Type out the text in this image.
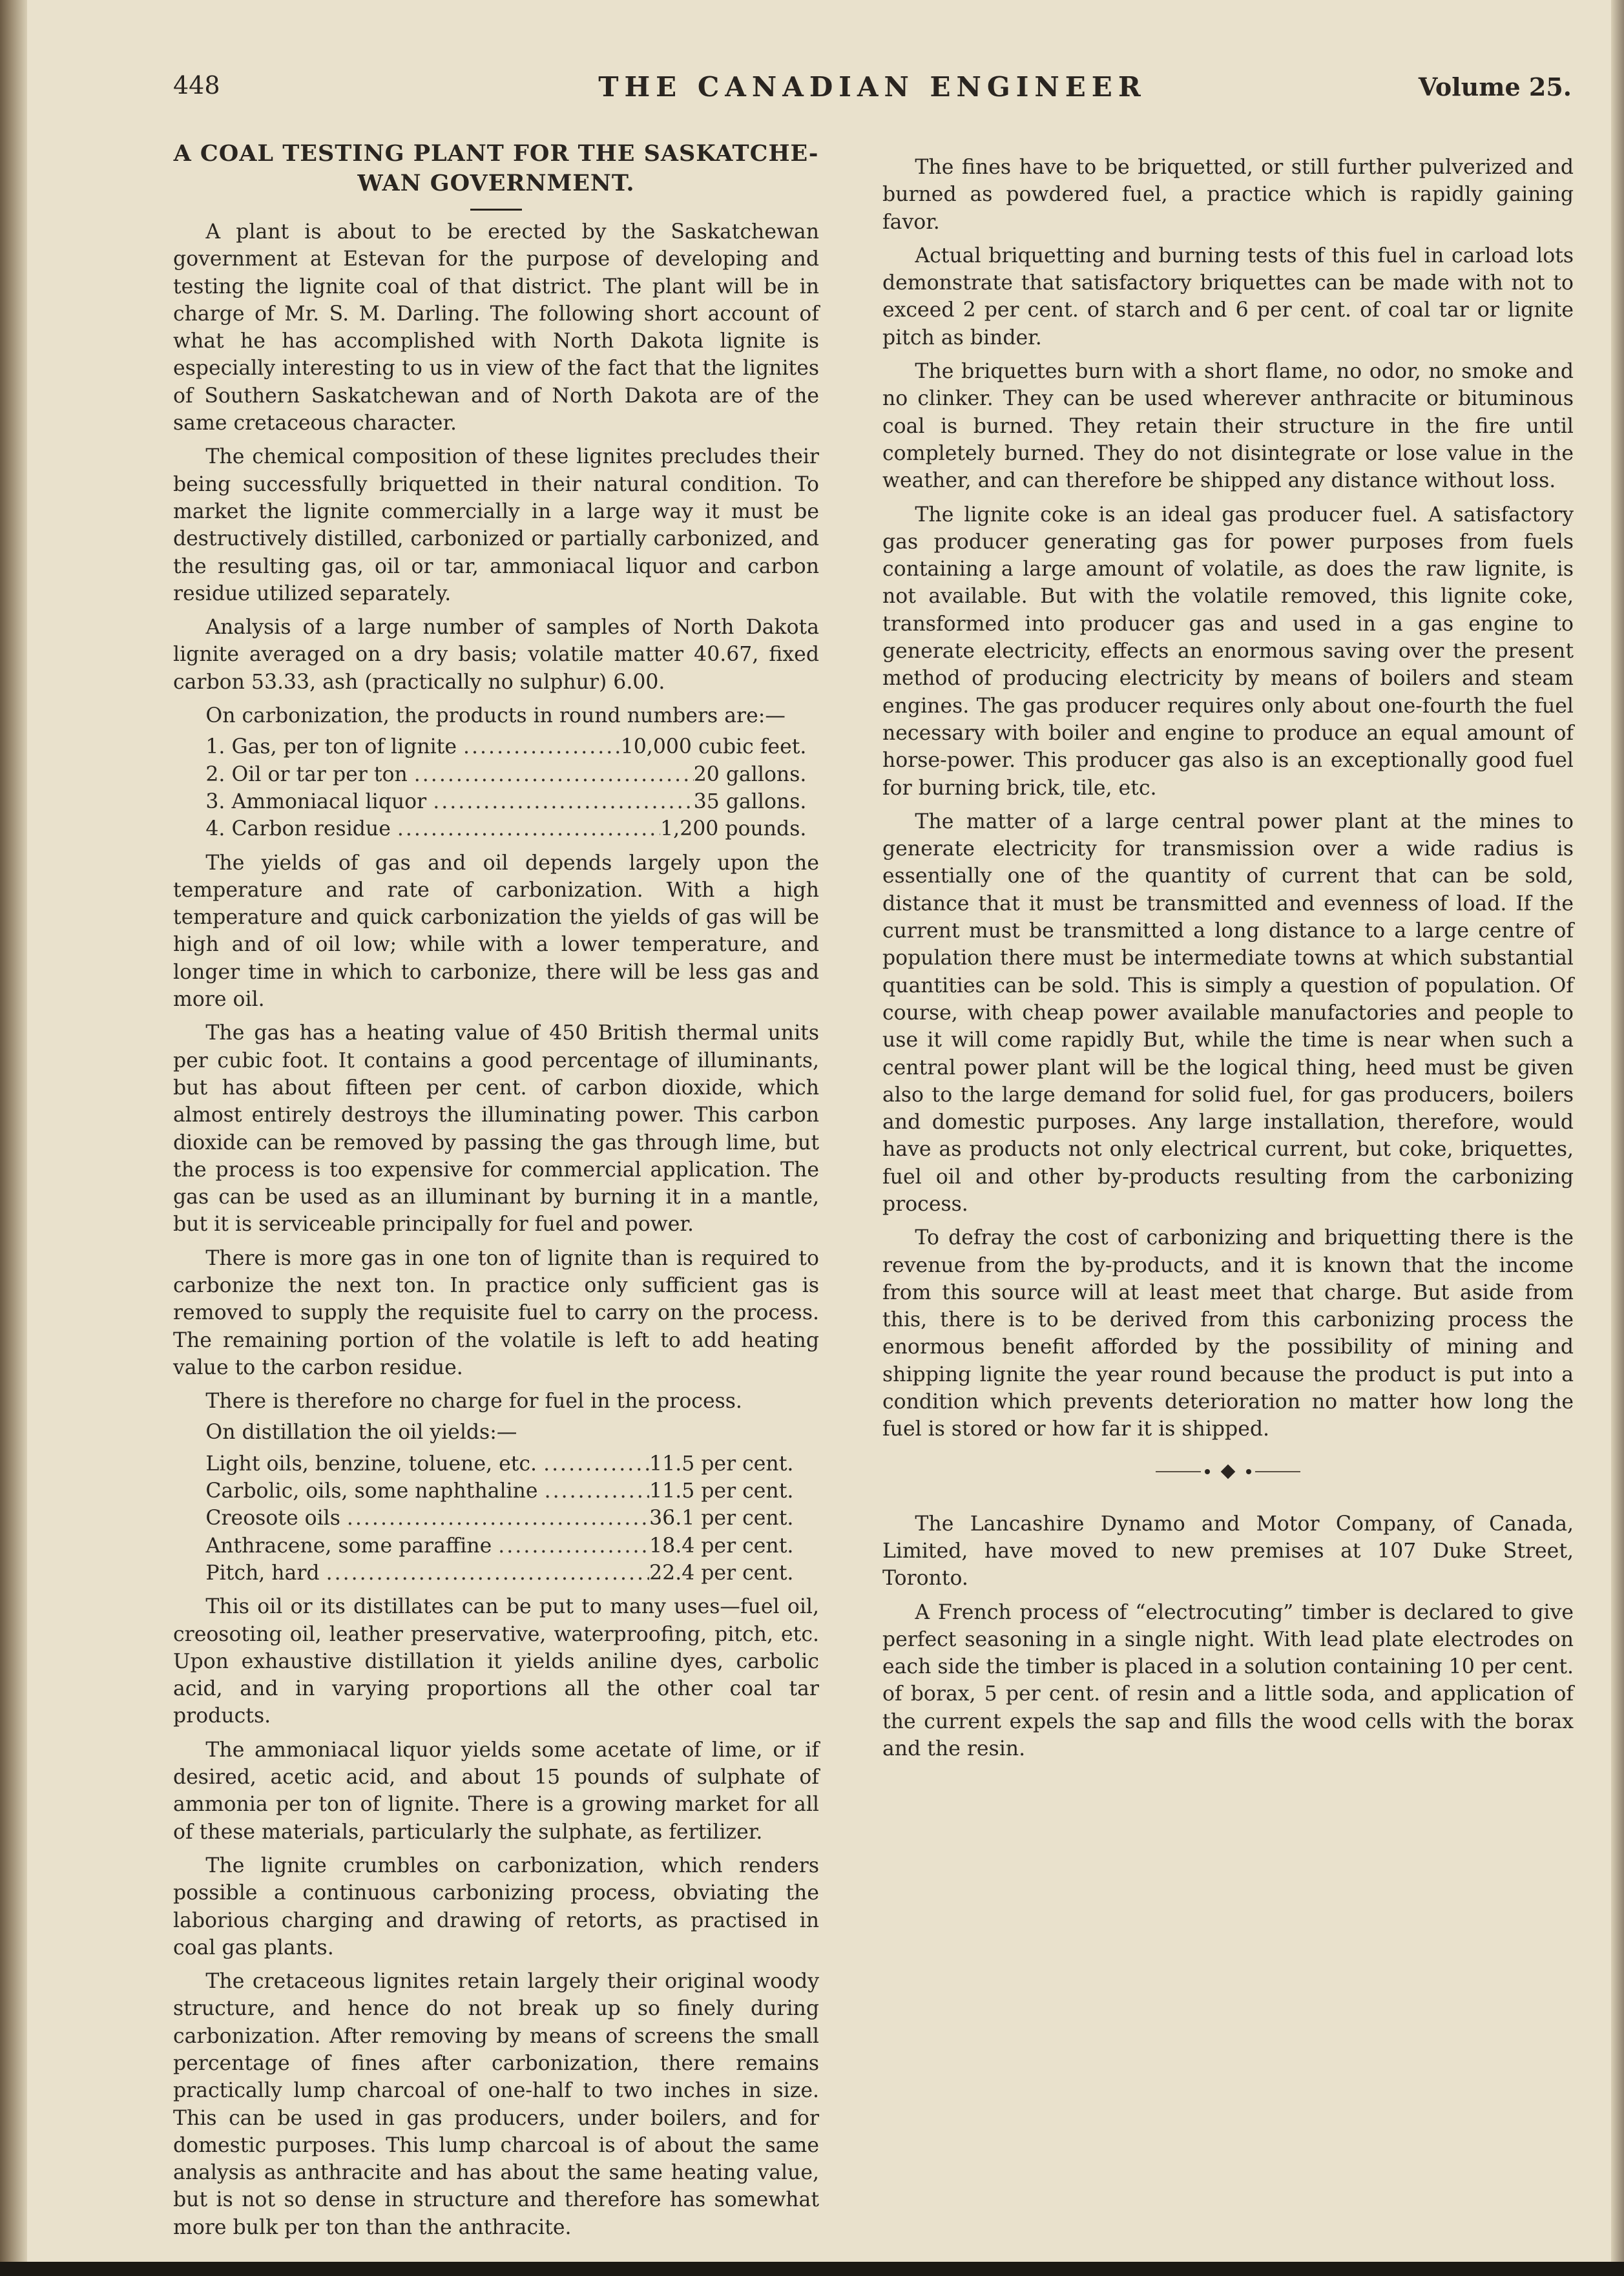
448	THE CANADIAN ENGINEER	Volume 25.
A COAL TESTING PLANT FOR THE SASKATCHE-WAN GOVERNMENT.

A plant is about to be erected by the Saskatchewan government at Estevan for the purpose of developing and testing the lignite coal of that district. The plant will be in charge of Mr. S. M. Darling. The following short account of what he has accomplished with North Dakota lignite is especially interesting to us in view of the fact that the lignites of Southern Saskatchewan and of North Dakota are of the same cretaceous character.

The chemical composition of these lignites precludes their being successfully briquetted in their natural condition. To market the lignite commercially in a large way it must be destructively distilled, carbonized or partially carbonized, and the resulting gas, oil or tar, ammoniacal liquor and carbon residue utilized separately.

Analysis of a large number of samples of North Dakota lignite averaged on a dry basis; volatile matter 40.67, fixed carbon 53.33, ash (practically no sulphur) 6.00.

On carbonization, the products in round numbers are:—

1. Gas, per ton of lignite .....	10,000 cubic feet.
2. Oil or tar per ton .....	20 gallons.
3. Ammoniacal liquor .....	35 gallons.
4. Carbon residue .....	1,200 pounds.

The yields of gas and oil depends largely upon the temperature and rate of carbonization. With a high temperature and quick carbonization the yields of gas will be high and of oil low; while with a lower temperature, and longer time in which to carbonize, there will be less gas and more oil.

The gas has a heating value of 450 British thermal units per cubic foot. It contains a good percentage of illuminants, but has about fifteen per cent. of carbon dioxide, which almost entirely destroys the illuminating power. This carbon dioxide can be removed by passing the gas through lime, but the process is too expensive for commercial application. The gas can be used as an illuminant by burning it in a mantle, but it is serviceable principally for fuel and power.

There is more gas in one ton of lignite than is required to carbonize the next ton. In practice only sufficient gas is removed to supply the requisite fuel to carry on the process. The remaining portion of the volatile is left to add heating value to the carbon residue.

There is therefore no charge for fuel in the process.

On distillation the oil yields:—

Light oils, benzine, toluene, etc. .....	11.5 per cent.
Carbolic, oils, some naphthaline .....	11.5 per cent.
Creosote oils .....	36.1 per cent.
Anthracene, some paraffine .....	18.4 per cent.
Pitch, hard .....	22.4 per cent.

This oil or its distillates can be put to many uses—fuel oil, creosoting oil, leather preservative, waterproofing, pitch, etc. Upon exhaustive distillation it yields aniline dyes, carbolic acid, and in varying proportions all the other coal tar products.

The ammoniacal liquor yields some acetate of lime, or if desired, acetic acid, and about 15 pounds of sulphate of ammonia per ton of lignite. There is a growing market for all of these materials, particularly the sulphate, as fertilizer.

The lignite crumbles on carbonization, which renders possible a continuous carbonizing process, obviating the laborious charging and drawing of retorts, as practised in coal gas plants.

The cretaceous lignites retain largely their original woody structure, and hence do not break up so finely during carbonization. After removing by means of screens the small percentage of fines after carbonization, there remains practically lump charcoal of one-half to two inches in size. This can be used in gas producers, under boilers, and for domestic purposes. This lump charcoal is of about the same analysis as anthracite and has about the same heating value, but is not so dense in structure and therefore has somewhat more bulk per ton than the anthracite.

The fines have to be briquetted, or still further pulverized and burned as powdered fuel, a practice which is rapidly gaining favor.

Actual briquetting and burning tests of this fuel in carload lots demonstrate that satisfactory briquettes can be made with not to exceed 2 per cent. of starch and 6 per cent. of coal tar or lignite pitch as binder.

The briquettes burn with a short flame, no odor, no smoke and no clinker. They can be used wherever anthracite or bituminous coal is burned. They retain their structure in the fire until completely burned. They do not disintegrate or lose value in the weather, and can therefore be shipped any distance without loss.

The lignite coke is an ideal gas producer fuel. A satisfactory gas producer generating gas for power purposes from fuels containing a large amount of volatile, as does the raw lignite, is not available. But with the volatile removed, this lignite coke, transformed into producer gas and used in a gas engine to generate electricity, effects an enormous saving over the present method of producing electricity by means of boilers and steam engines. The gas producer requires only about one-fourth the fuel necessary with boiler and engine to produce an equal amount of horse-power. This producer gas also is an exceptionally good fuel for burning brick, tile, etc.

The matter of a large central power plant at the mines to generate electricity for transmission over a wide radius is essentially one of the quantity of current that can be sold, distance that it must be transmitted and evenness of load. If the current must be transmitted a long distance to a large centre of population there must be intermediate towns at which substantial quantities can be sold. This is simply a question of population. Of course, with cheap power available manufactories and people to use it will come rapidly But, while the time is near when such a central power plant will be the logical thing, heed must be given also to the large demand for solid fuel, for gas producers, boilers and domestic purposes. Any large installation, therefore, would have as products not only electrical current, but coke, briquettes, fuel oil and other by-products resulting from the carbonizing process.

To defray the cost of carbonizing and briquetting there is the revenue from the by-products, and it is known that the income from this source will at least meet that charge. But aside from this, there is to be derived from this carbonizing process the enormous benefit afforded by the possibility of mining and shipping lignite the year round because the product is put into a condition which prevents deterioration no matter how long the fuel is stored or how far it is shipped.

The Lancashire Dynamo and Motor Company, of Canada, Limited, have moved to new premises at 107 Duke Street, Toronto.

A French process of “electrocuting” timber is declared to give perfect seasoning in a single night. With lead plate electrodes on each side the timber is placed in a solution containing 10 per cent. of borax, 5 per cent. of resin and a little soda, and application of the current expels the sap and fills the wood cells with the borax and the resin.
